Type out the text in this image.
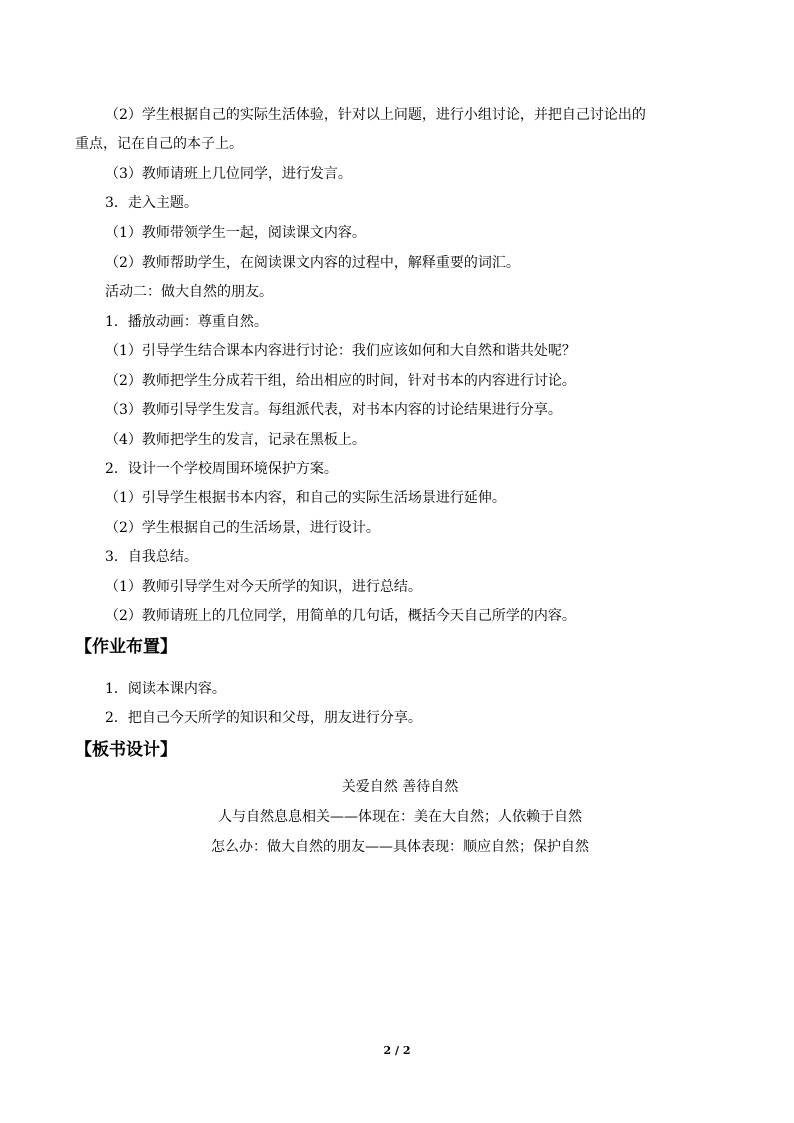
（2）学生根据自己的实际生活体验，针对以上问题，进行小组讨论，并把自己讨论出的
重点，记在自己的本子上。
（3）教师请班上几位同学，进行发言。
3．走入主题。
（1）教师带领学生一起，阅读课文内容。
（2）教师帮助学生，在阅读课文内容的过程中，解释重要的词汇。
活动二：做大自然的朋友。
1．播放动画：尊重自然。
（1）引导学生结合课本内容进行讨论：我们应该如何和大自然和谐共处呢？
（2）教师把学生分成若干组，给出相应的时间，针对书本的内容进行讨论。
（3）教师引导学生发言。每组派代表，对书本内容的讨论结果进行分享。
（4）教师把学生的发言，记录在黑板上。
2．设计一个学校周围环境保护方案。
（1）引导学生根据书本内容，和自己的实际生活场景进行延伸。
（2）学生根据自己的生活场景，进行设计。
3．自我总结。
（1）教师引导学生对今天所学的知识，进行总结。
（2）教师请班上的几位同学，用简单的几句话，概括今天自己所学的内容。
【作业布置】
1．阅读本课内容。
2．把自己今天所学的知识和父母，朋友进行分享。
【板书设计】
关爱自然 善待自然
人与自然息息相关——体现在：美在大自然；人依赖于自然
怎么办：做大自然的朋友——具体表现：顺应自然；保护自然
2 / 2
